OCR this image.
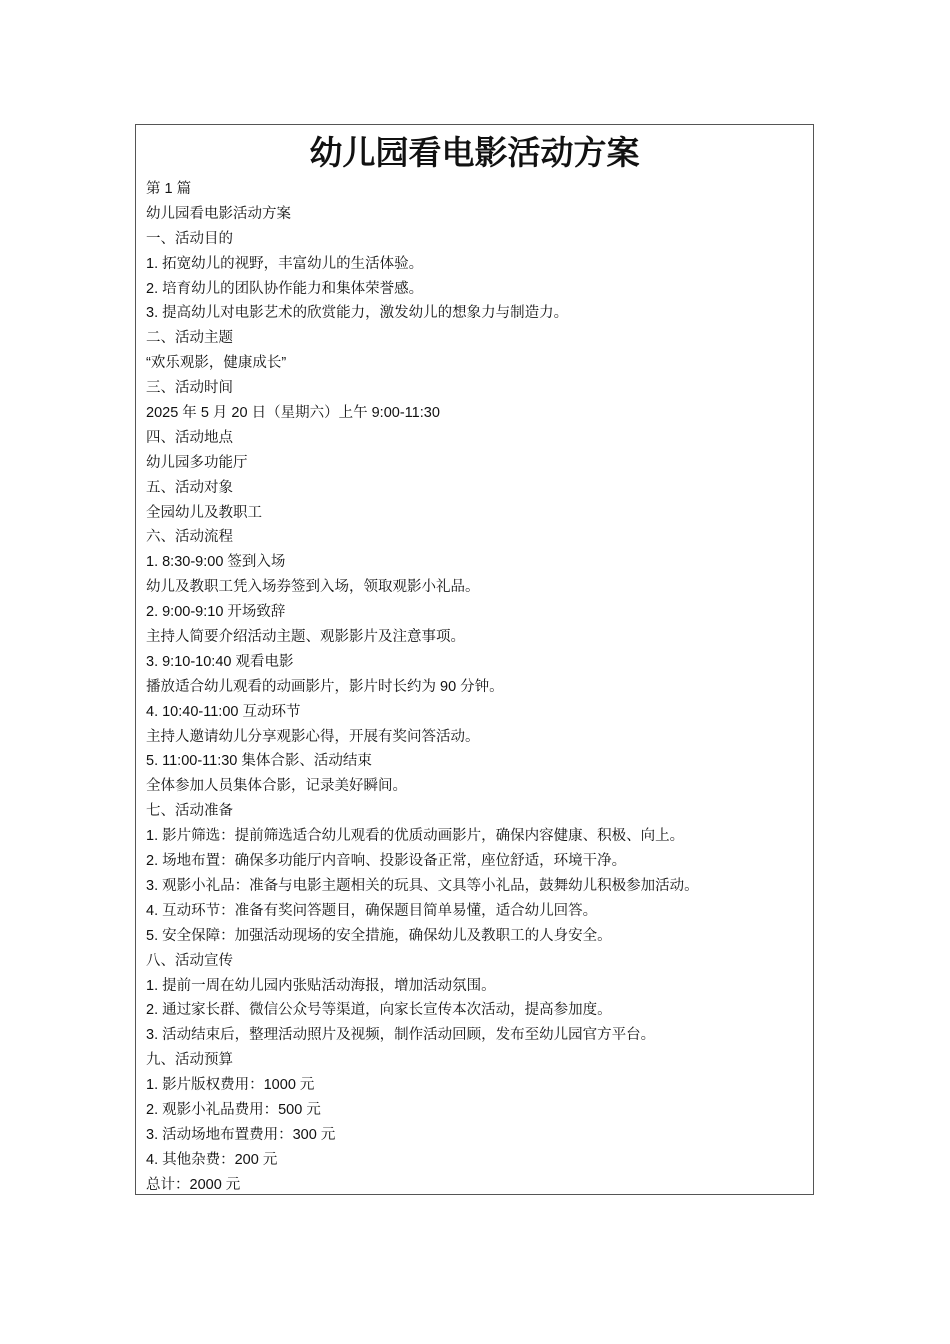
幼儿园看电影活动方案
第 1 篇
幼儿园看电影活动方案
一、活动目的
1. 拓宽幼儿的视野，丰富幼儿的生活体验。
2. 培育幼儿的团队协作能力和集体荣誉感。
3. 提高幼儿对电影艺术的欣赏能力，激发幼儿的想象力与制造力。
二、活动主题
“欢乐观影，健康成长”
三、活动时间
2025 年 5 月 20 日（星期六）上午 9:00-11:30
四、活动地点
幼儿园多功能厅
五、活动对象
全园幼儿及教职工
六、活动流程
1. 8:30-9:00 签到入场
幼儿及教职工凭入场券签到入场，领取观影小礼品。
2. 9:00-9:10 开场致辞
主持人简要介绍活动主题、观影影片及注意事项。
3. 9:10-10:40 观看电影
播放适合幼儿观看的动画影片，影片时长约为 90 分钟。
4. 10:40-11:00 互动环节
主持人邀请幼儿分享观影心得，开展有奖问答活动。
5. 11:00-11:30 集体合影、活动结束
全体参加人员集体合影，记录美好瞬间。
七、活动准备
1. 影片筛选：提前筛选适合幼儿观看的优质动画影片，确保内容健康、积极、向上。
2. 场地布置：确保多功能厅内音响、投影设备正常，座位舒适，环境干净。
3. 观影小礼品：准备与电影主题相关的玩具、文具等小礼品，鼓舞幼儿积极参加活动。
4. 互动环节：准备有奖问答题目，确保题目简单易懂，适合幼儿回答。
5. 安全保障：加强活动现场的安全措施，确保幼儿及教职工的人身安全。
八、活动宣传
1. 提前一周在幼儿园内张贴活动海报，增加活动氛围。
2. 通过家长群、微信公众号等渠道，向家长宣传本次活动，提高参加度。
3. 活动结束后，整理活动照片及视频，制作活动回顾，发布至幼儿园官方平台。
九、活动预算
1. 影片版权费用：1000 元
2. 观影小礼品费用：500 元
3. 活动场地布置费用：300 元
4. 其他杂费：200 元
总计：2000 元
